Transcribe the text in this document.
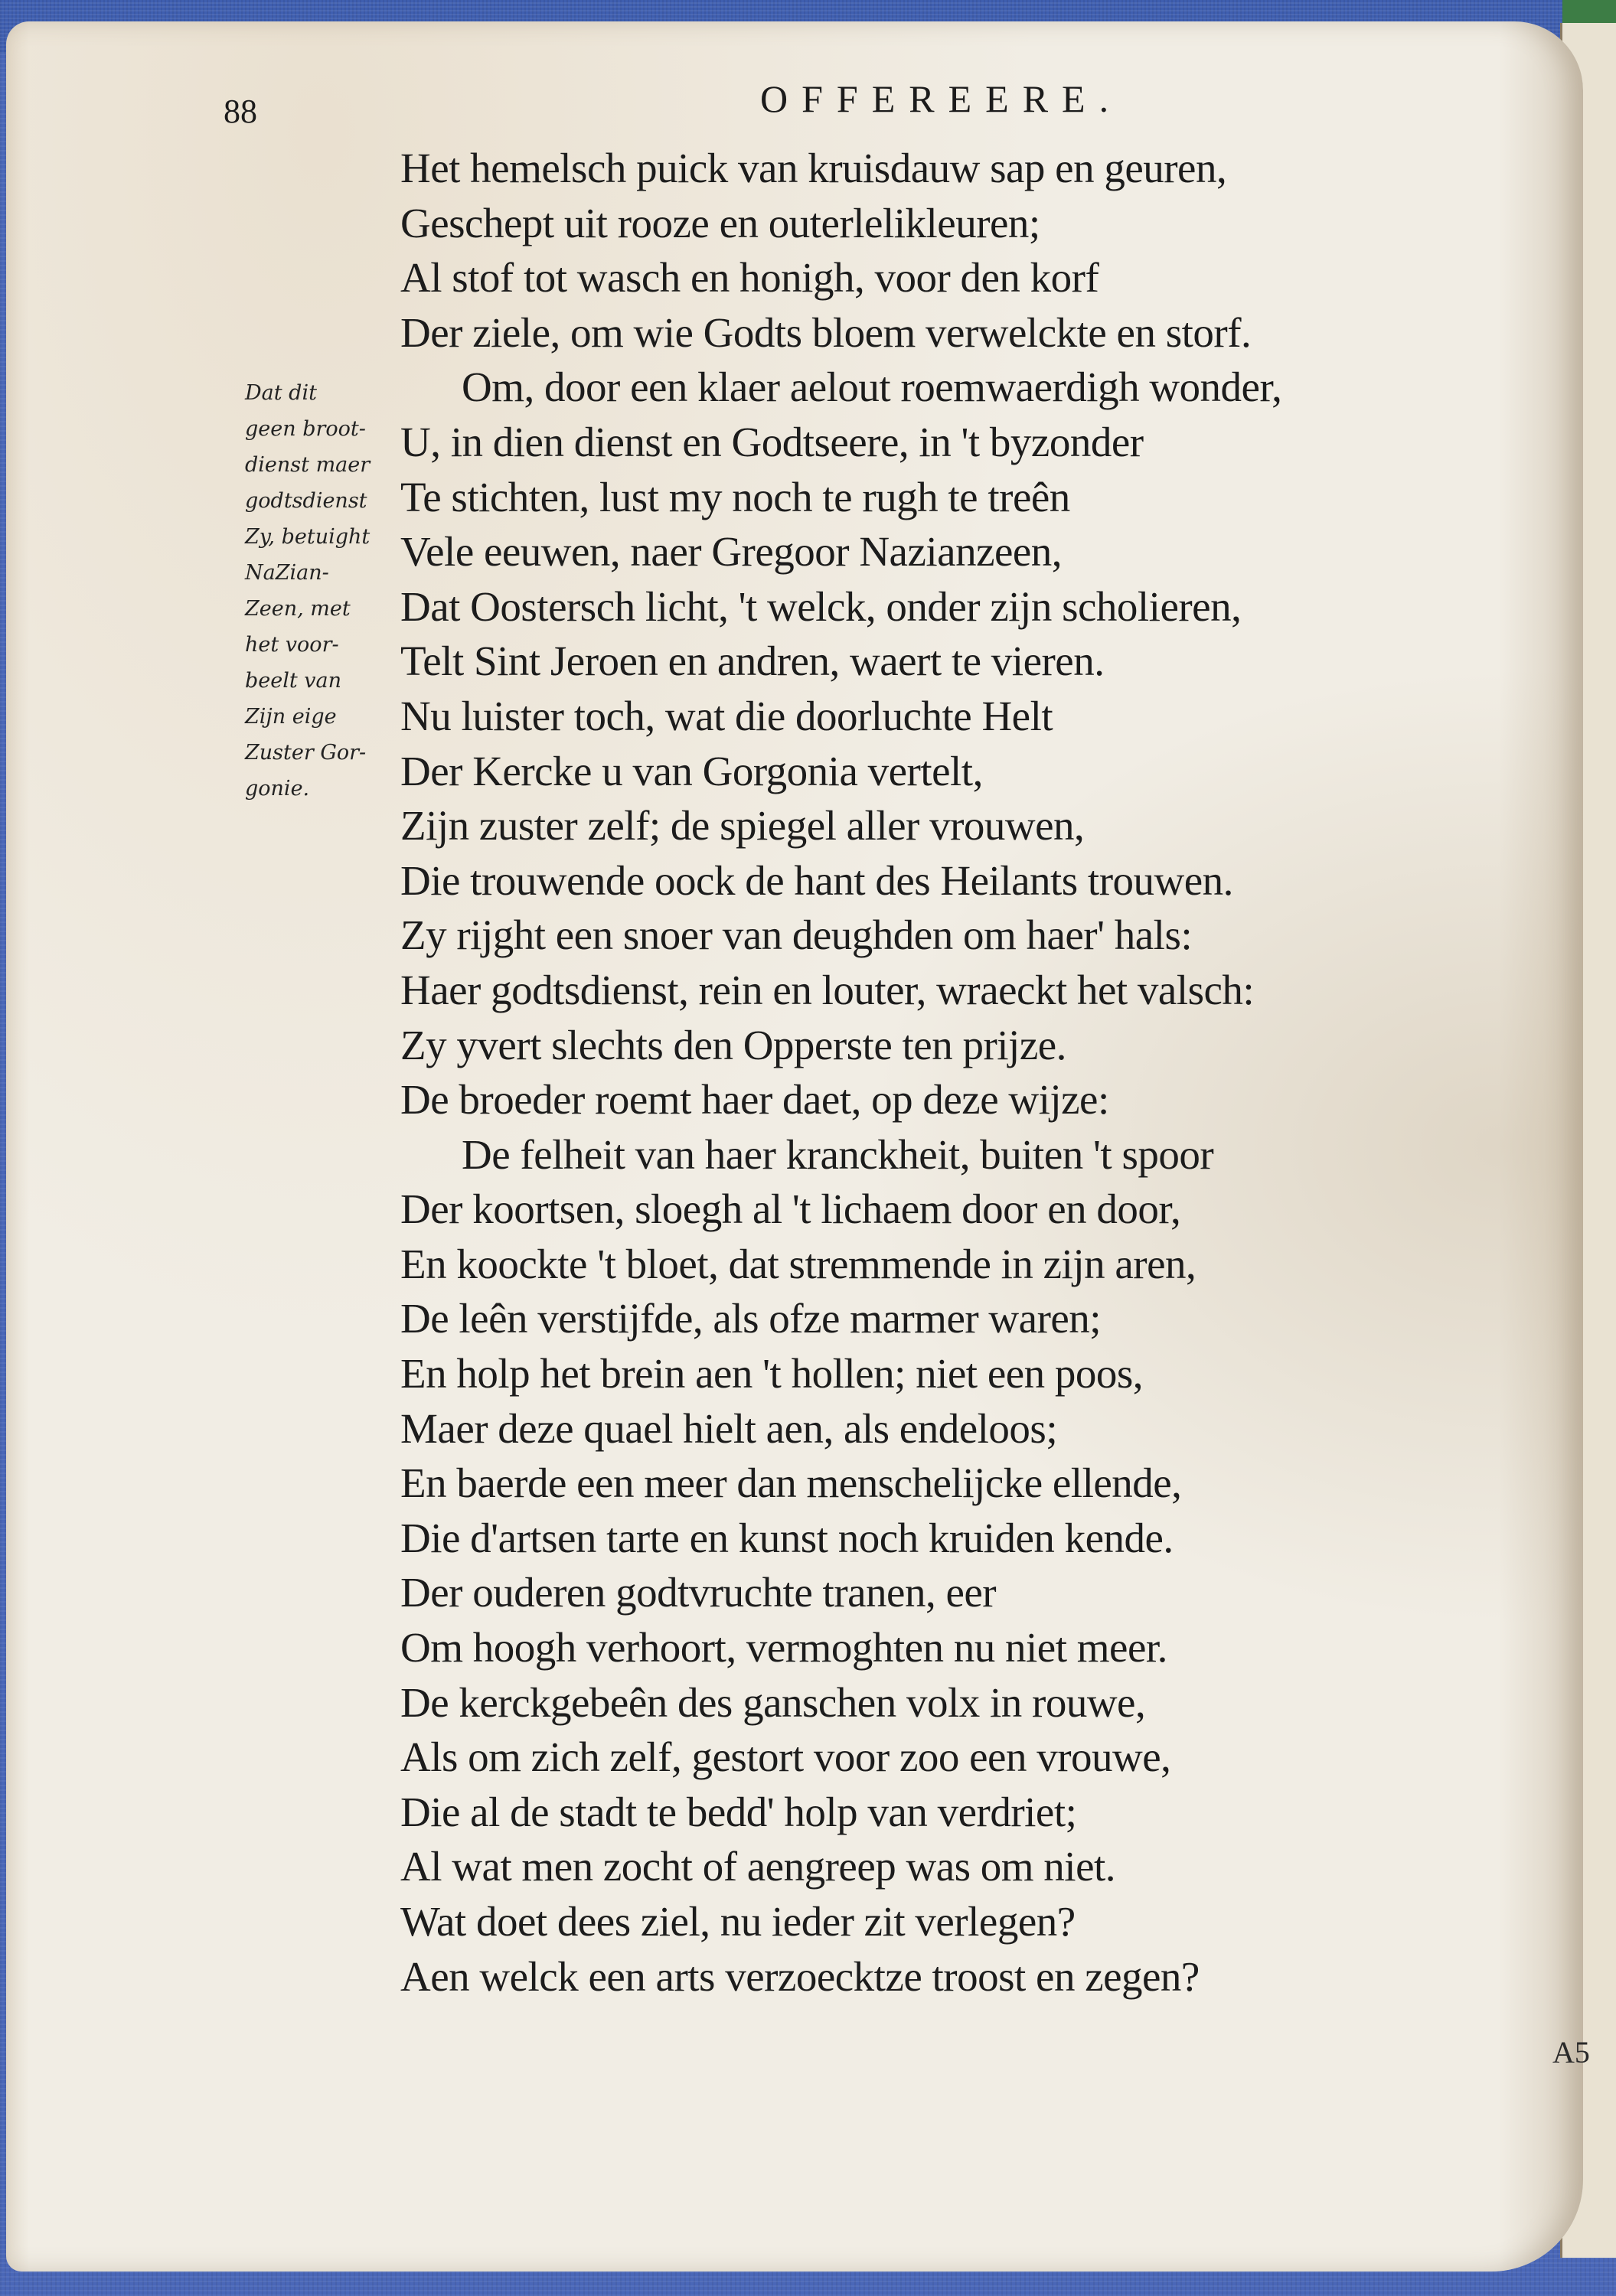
88	OFFEREERE.
Dat dit
geen broot-
dienst maer
godtsdienst
Zy, betuight
NaZian-
Zeen, met
het voor-
beelt van
Zijn eige
Zuster Gor-
gonie.
Het hemelsch puick van kruisdauw sap en geuren,
Geschept uit rooze en outerlelikleuren;
Al stof tot wasch en honigh, voor den korf
Der ziele, om wie Godts bloem verwelckte en storf.
Om, door een klaer aelout roemwaerdigh wonder,
U, in dien dienst en Godtseere, in 't byzonder
Te stichten, lust my noch te rugh te treên
Vele eeuwen, naer Gregoor Nazianzeen,
Dat Oostersch licht, 't welck, onder zijn scholieren,
Telt Sint Jeroen en andren, waert te vieren.
Nu luister toch, wat die doorluchte Helt
Der Kercke u van Gorgonia vertelt,
Zijn zuster zelf; de spiegel aller vrouwen,
Die trouwende oock de hant des Heilants trouwen.
Zy rijght een snoer van deughden om haer' hals:
Haer godtsdienst, rein en louter, wraeckt het valsch:
Zy yvert slechts den Opperste ten prijze.
De broeder roemt haer daet, op deze wijze:
De felheit van haer kranckheit, buiten 't spoor
Der koortsen, sloegh al 't lichaem door en door,
En koockte 't bloet, dat stremmende in zijn aren,
De leên verstijfde, als ofze marmer waren;
En holp het brein aen 't hollen; niet een poos,
Maer deze quael hielt aen, als endeloos;
En baerde een meer dan menschelijcke ellende,
Die d'artsen tarte en kunst noch kruiden kende.
Der ouderen godtvruchte tranen, eer
Om hoogh verhoort, vermoghten nu niet meer.
De kerckgebeên des ganschen volx in rouwe,
Als om zich zelf, gestort voor zoo een vrouwe,
Die al de stadt te bedd' holp van verdriet;
Al wat men zocht of aengreep was om niet.
Wat doet dees ziel, nu ieder zit verlegen?
Aen welck een arts verzoecktze troost en zegen?
A5
